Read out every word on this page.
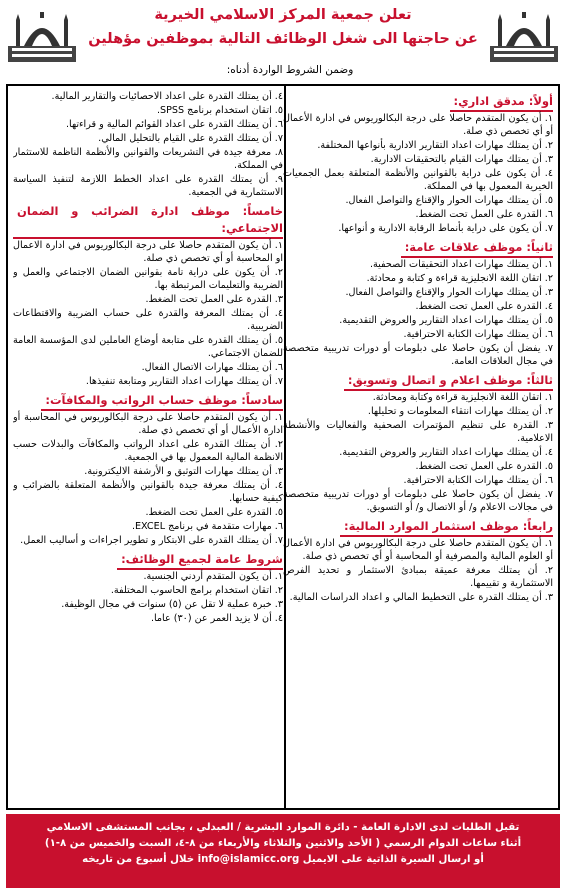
تعلن جمعية المركز الاسلامي الخيرية
عن حاجتها الى شغل الوظائف التالية بموظفين مؤهلين
وضمن الشروط الواردة أدناه:
أولاً: مدقق اداري:
١. أن يكون المتقدم حاصلا على درجة البكالوريوس في ادارة الأعمال أو أي تخصص ذي صلة.
٢. أن يمتلك مهارات اعداد التقارير الادارية بأنواعها المختلفة.
٣. أن يمتلك مهارات القيام بالتحقيقات الادارية.
٤. أن يكون على دراية بالقوانين والأنظمة المتعلقة بعمل الجمعيات الخيرية المعمول بها في المملكة.
٥. أن يمتلك مهارات الحوار والإقناع والتواصل الفعال.
٦. القدرة على العمل تحت الضغط.
٧. أن يكون على دراية بأنماط الرقابة الادارية و أنواعها.
ثانياً: موظف علاقات عامة:
١. أن يمتلك مهارات اعداد التحقيقات الصحفية.
٢. اتقان اللغة الانجليزية قراءة و كتابة و محادثة.
٣. أن يمتلك مهارات الحوار والإقناع والتواصل الفعال.
٤. القدرة على العمل تحت الضغط.
٥. أن يمتلك مهارات اعداد التقارير والعروض التقديمية.
٦. أن يمتلك مهارات الكتابة الاحترافية.
٧. يفضل أن يكون حاصلا على دبلومات أو دورات تدريبية متخصصة في مجال العلاقات العامة.
ثالثاً: موظف اعلام و اتصال وتسويق:
١. اتقان اللغة الانجليزية قراءة وكتابة ومحادثة.
٢. أن يمتلك مهارات انتقاء المعلومات و تحليلها.
٣. القدرة على تنظيم المؤتمرات الصحفية والفعاليات والأنشطة الاعلامية.
٤. أن يمتلك مهارات اعداد التقارير والعروض التقديمية.
٥. القدرة على العمل تحت الضغط.
٦. أن يمتلك مهارات الكتابة الاحترافية.
٧. يفضل أن يكون حاصلا على دبلومات أو دورات تدريبية متخصصة في مجالات الاعلام و/ أو الاتصال و/ أو التسويق.
رابعاً: موظف استثمار الموارد المالية:
١. أن يكون المتقدم حاصلا على درجة البكالوريوس في ادارة الأعمال أو العلوم المالية والمصرفية أو المحاسبة أو أي تخصص ذي صلة.
٢. أن يمتلك معرفة عميقة بمبادئ الاستثمار و تحديد الفرص الاستثمارية و تقييمها.
٣. أن يمتلك القدرة على التخطيط المالي و اعداد الدراسات المالية.
٤. أن يمتلك القدرة على اعداد الاحصائيات والتقارير المالية.
٥. اتقان استخدام برنامج SPSS.
٦. أن يمتلك القدرة على اعداد القوائم المالية و قراءتها.
٧. أن يمتلك القدرة على القيام بالتحليل المالي.
٨. معرفة جيدة في التشريعات والقوانين والأنظمة الناظمة للاستثمار في المملكة.
٩. أن يمتلك القدرة على اعداد الخطط اللازمة لتنفيذ السياسة الاستثمارية في الجمعية.
خامساً: موظف ادارة الضرائب و الضمان الاجتماعي:
١. أن يكون المتقدم حاصلا على درجة البكالوريوس في ادارة الاعمال او المحاسبة أو أي تخصص ذي صلة.
٢. أن يكون على دراية تامة بقوانين الضمان الاجتماعي والعمل و الضريبة والتعليمات المرتبطة بها.
٣. القدرة على العمل تحت الضغط.
٤. أن يمتلك المعرفة والقدرة على حساب الضريبة والاقتطاعات الضريبية.
٥. أن يمتلك القدرة على متابعة أوضاع العاملين لدى المؤسسة العامة للضمان الاجتماعي.
٦. أن يمتلك مهارات الاتصال الفعال.
٧. أن يمتلك مهارات اعداد التقارير ومتابعة تنفيذها.
سادساً: موظف حساب الرواتب والمكافآت:
١. أن يكون المتقدم حاصلا على درجة البكالوريوس في المحاسبة أو ادارة الأعمال أو أي تخصص ذي صلة.
٢. أن يمتلك القدرة على اعداد الرواتب والمكافآت والبدلات حسب الانظمة المالية المعمول بها في الجمعية.
٣. أن يمتلك مهارات التوثيق و الأرشفة الاليكترونية.
٤. أن يمتلك معرفة جيدة بالقوانين والأنظمة المتعلقة بالضرائب و كيفية حسابها.
٥. القدرة على العمل تحت الضغط.
٦. مهارات متقدمة في برنامج EXCEL.
٧. أن يمتلك القدرة على الابتكار و تطوير اجراءات و أساليب العمل.
شروط عامة لجميع الوظائف:
١. أن يكون المتقدم أردني الجنسية.
٢. اتقان استخدام برامج الحاسوب المختلفة.
٣. خبرة عملية لا تقل عن (٥) سنوات في مجال الوظيفة.
٤. أن لا يزيد العمر عن (٣٠) عاما.
تقبل الطلبات لدى الادارة العامة - دائرة الموارد البشرية / العبدلي ، بجانب المستشفى الاسلامي
أثناء ساعات الدوام الرسمي ( الأحد والاثنين والثلاثاء والأربعاء من ٨-٤، السبت والخميس من ٨-١)
أو ارسال السيرة الذاتية على الايميل info@islamicc.org خلال أسبوع من تاريخه
